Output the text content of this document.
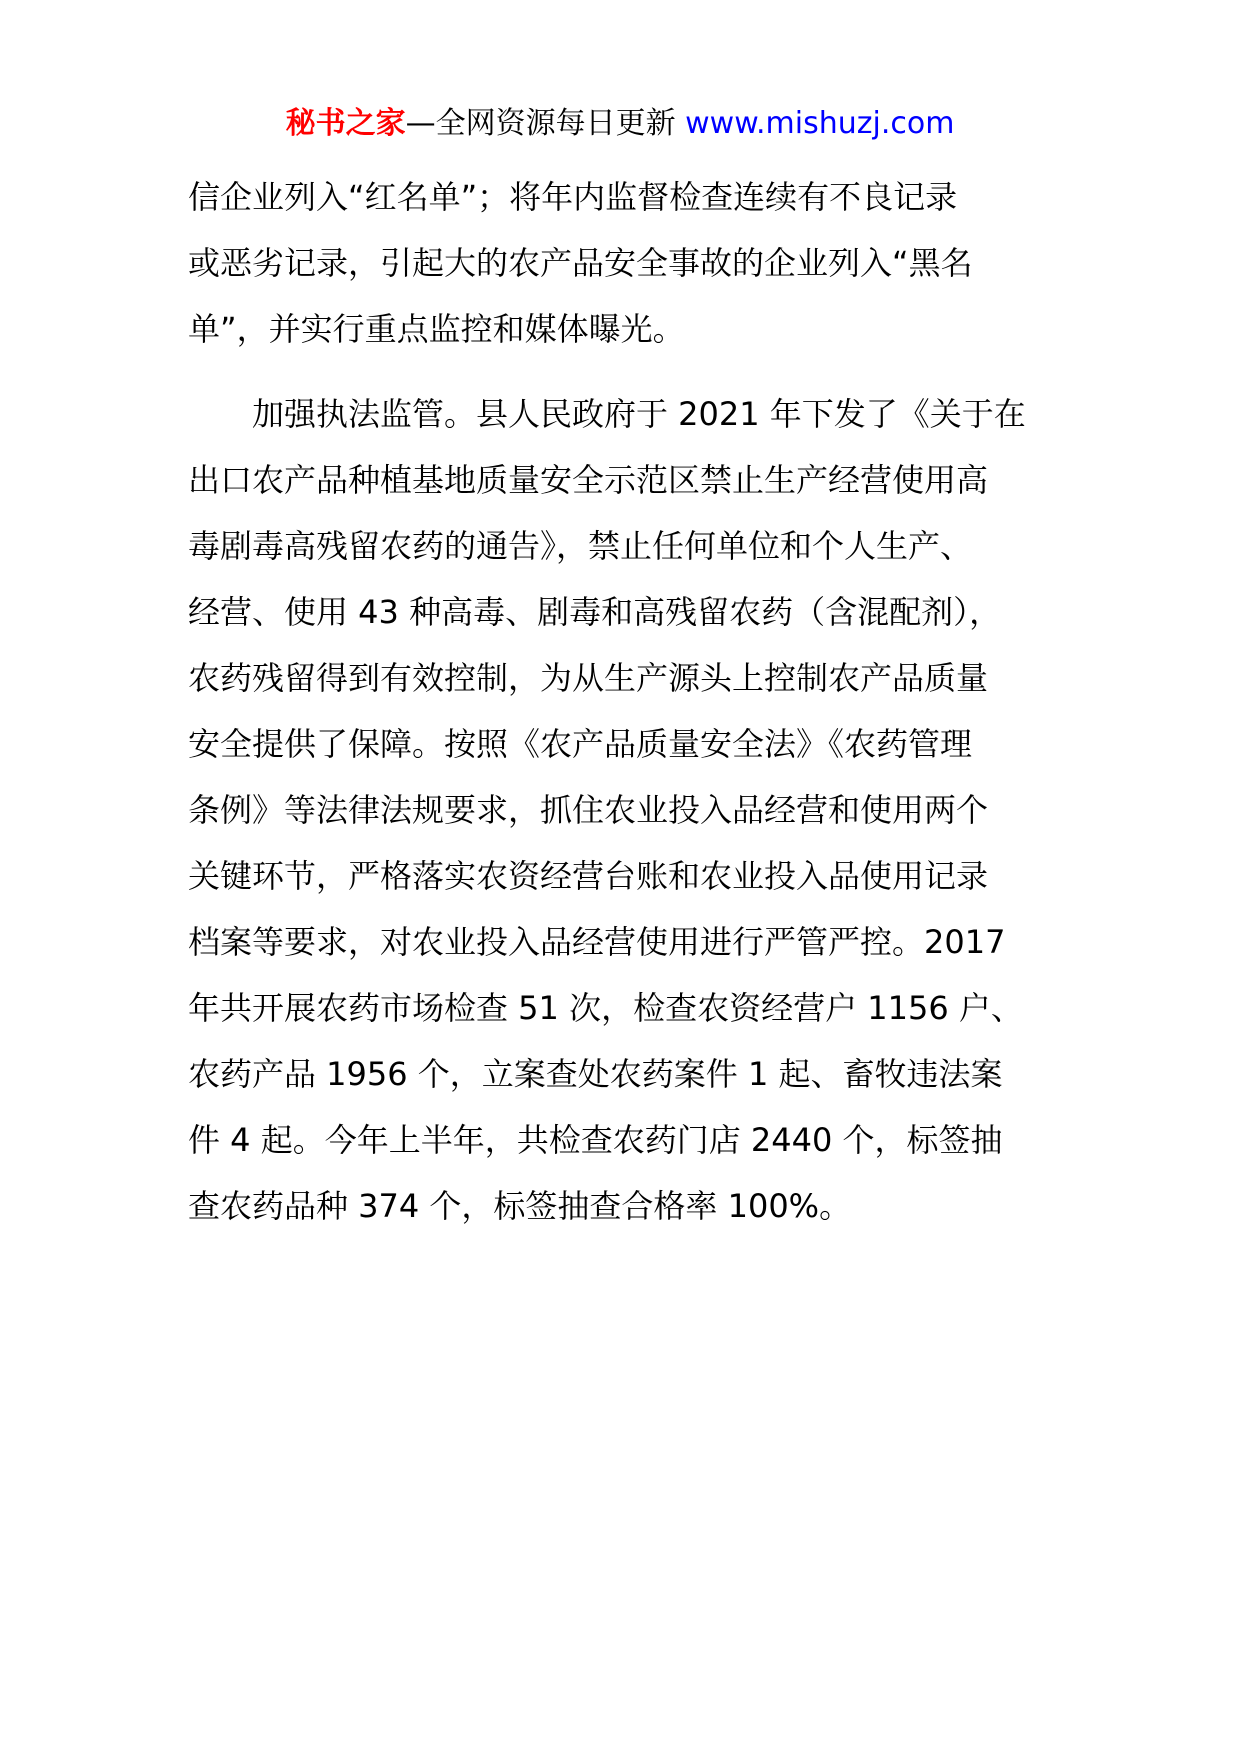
秘书之家—全网资源每日更新 www.mishuzj.com

信企业列入“红名单”；将年内监督检查连续有不良记录
或恶劣记录，引起大的农产品安全事故的企业列入“黑名
单”，并实行重点监控和媒体曝光。

加强执法监管。县人民政府于 2021 年下发了《关于在
出口农产品种植基地质量安全示范区禁止生产经营使用高
毒剧毒高残留农药的通告》，禁止任何单位和个人生产、
经营、使用 43 种高毒、剧毒和高残留农药（含混配剂），
农药残留得到有效控制，为从生产源头上控制农产品质量
安全提供了保障。按照《农产品质量安全法》《农药管理
条例》等法律法规要求，抓住农业投入品经营和使用两个
关键环节，严格落实农资经营台账和农业投入品使用记录
档案等要求，对农业投入品经营使用进行严管严控。2017
年共开展农药市场检查 51 次，检查农资经营户 1156 户、
农药产品 1956 个，立案查处农药案件 1 起、畜牧违法案
件 4 起。今年上半年，共检查农药门店 2440 个，标签抽
查农药品种 374 个，标签抽查合格率 100%。
